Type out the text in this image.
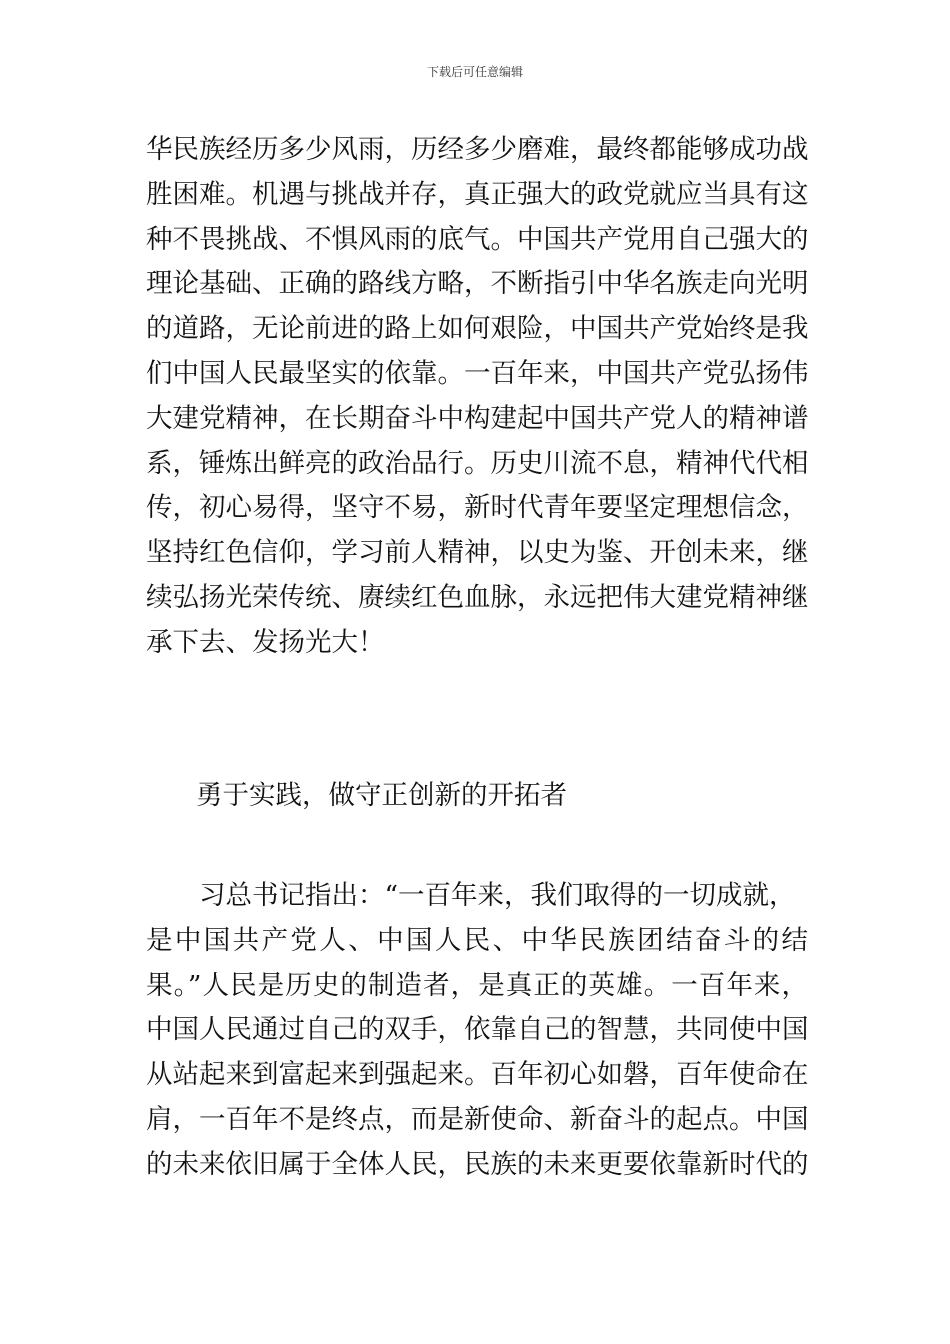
下载后可任意编辑
华民族经历多少风雨，历经多少磨难，最终都能够成功战
胜困难。机遇与挑战并存，真正强大的政党就应当具有这
种不畏挑战、不惧风雨的底气。中国共产党用自己强大的
理论基础、正确的路线方略，不断指引中华名族走向光明
的道路，无论前进的路上如何艰险，中国共产党始终是我
们中国人民最坚实的依靠。一百年来，中国共产党弘扬伟
大建党精神，在长期奋斗中构建起中国共产党人的精神谱
系，锤炼出鲜亮的政治品行。历史川流不息，精神代代相
传，初心易得，坚守不易，新时代青年要坚定理想信念，
坚持红色信仰，学习前人精神，以史为鉴、开创未来，继
续弘扬光荣传统、赓续红色血脉，永远把伟大建党精神继
承下去、发扬光大！
勇于实践，做守正创新的开拓者
习总书记指出：“一百年来，我们取得的一切成就，
是中国共产党人、中国人民、中华民族团结奋斗的结
果。”人民是历史的制造者，是真正的英雄。一百年来，
中国人民通过自己的双手，依靠自己的智慧，共同使中国
从站起来到富起来到强起来。百年初心如磐，百年使命在
肩，一百年不是终点，而是新使命、新奋斗的起点。中国
的未来依旧属于全体人民，民族的未来更要依靠新时代的
